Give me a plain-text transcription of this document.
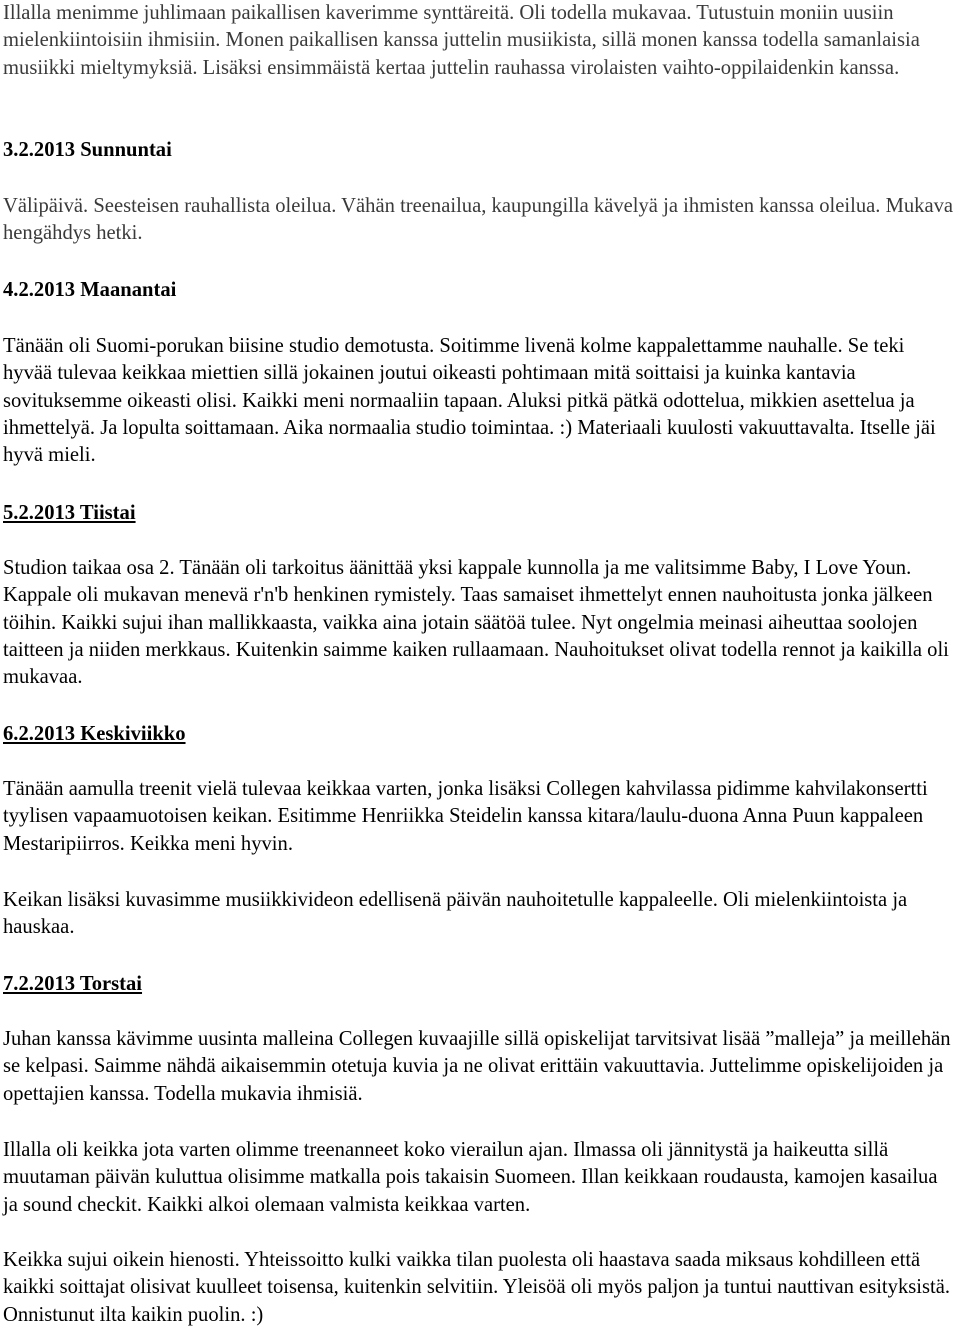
Illalla menimme juhlimaan paikallisen kaverimme synttäreitä. Oli todella mukavaa. Tutustuin moniin uusiin mielenkiintoisiin ihmisiin. Monen paikallisen kanssa juttelin musiikista, sillä monen kanssa todella samanlaisia musiikki mieltymyksiä. Lisäksi ensimmäistä kertaa juttelin rauhassa virolaisten vaihto-oppilaidenkin kanssa.

3.2.2013 Sunnuntai

Välipäivä. Seesteisen rauhallista oleilua. Vähän treenailua, kaupungilla kävelyä ja ihmisten kanssa oleilua. Mukava hengähdys hetki.

4.2.2013 Maanantai

Tänään oli Suomi-porukan biisine studio demotusta. Soitimme livenä kolme kappalettamme nauhalle. Se teki hyvää tulevaa keikkaa miettien sillä jokainen joutui oikeasti pohtimaan mitä soittaisi ja kuinka kantavia sovituksemme oikeasti olisi. Kaikki meni normaaliin tapaan. Aluksi pitkä pätkä odottelua, mikkien asettelua ja ihmettelyä. Ja lopulta soittamaan. Aika normaalia studio toimintaa. :) Materiaali kuulosti vakuuttavalta. Itselle jäi hyvä mieli.

5.2.2013 Tiistai

Studion taikaa osa 2. Tänään oli tarkoitus äänittää yksi kappale kunnolla ja me valitsimme Baby, I Love Youn. Kappale oli mukavan menevä r'n'b henkinen rymistely. Taas samaiset ihmettelyt ennen nauhoitusta jonka jälkeen töihin. Kaikki sujui ihan mallikkaasta, vaikka aina jotain säätöä tulee. Nyt ongelmia meinasi aiheuttaa soolojen taitteen ja niiden merkkaus. Kuitenkin saimme kaiken rullaamaan. Nauhoitukset olivat todella rennot ja kaikilla oli mukavaa.

6.2.2013 Keskiviikko

Tänään aamulla treenit vielä tulevaa keikkaa varten, jonka lisäksi Collegen kahvilassa pidimme kahvilakonsertti tyylisen vapaamuotoisen keikan. Esitimme Henriikka Steidelin kanssa kitara/laulu-duona Anna Puun kappaleen Mestaripiirros. Keikka meni hyvin.

Keikan lisäksi kuvasimme musiikkivideon edellisenä päivän nauhoitetulle kappaleelle. Oli mielenkiintoista ja hauskaa.

7.2.2013 Torstai

Juhan kanssa kävimme uusinta malleina Collegen kuvaajille sillä opiskelijat tarvitsivat lisää ”malleja” ja meillehän se kelpasi. Saimme nähdä aikaisemmin otetuja kuvia ja ne olivat erittäin vakuuttavia. Juttelimme opiskelijoiden ja opettajien kanssa. Todella mukavia ihmisiä.

Illalla oli keikka jota varten olimme treenanneet koko vierailun ajan. Ilmassa oli jännitystä ja haikeutta sillä muutaman päivän kuluttua olisimme matkalla pois takaisin Suomeen. Illan keikkaan roudausta, kamojen kasailua ja sound checkit. Kaikki alkoi olemaan valmista keikkaa varten.

Keikka sujui oikein hienosti. Yhteissoitto kulki vaikka tilan puolesta oli haastava saada miksaus kohdilleen että kaikki soittajat olisivat kuulleet toisensa, kuitenkin selvitiin. Yleisöä oli myös paljon ja tuntui nauttivan esityksistä. Onnistunut ilta kaikin puolin. :)
